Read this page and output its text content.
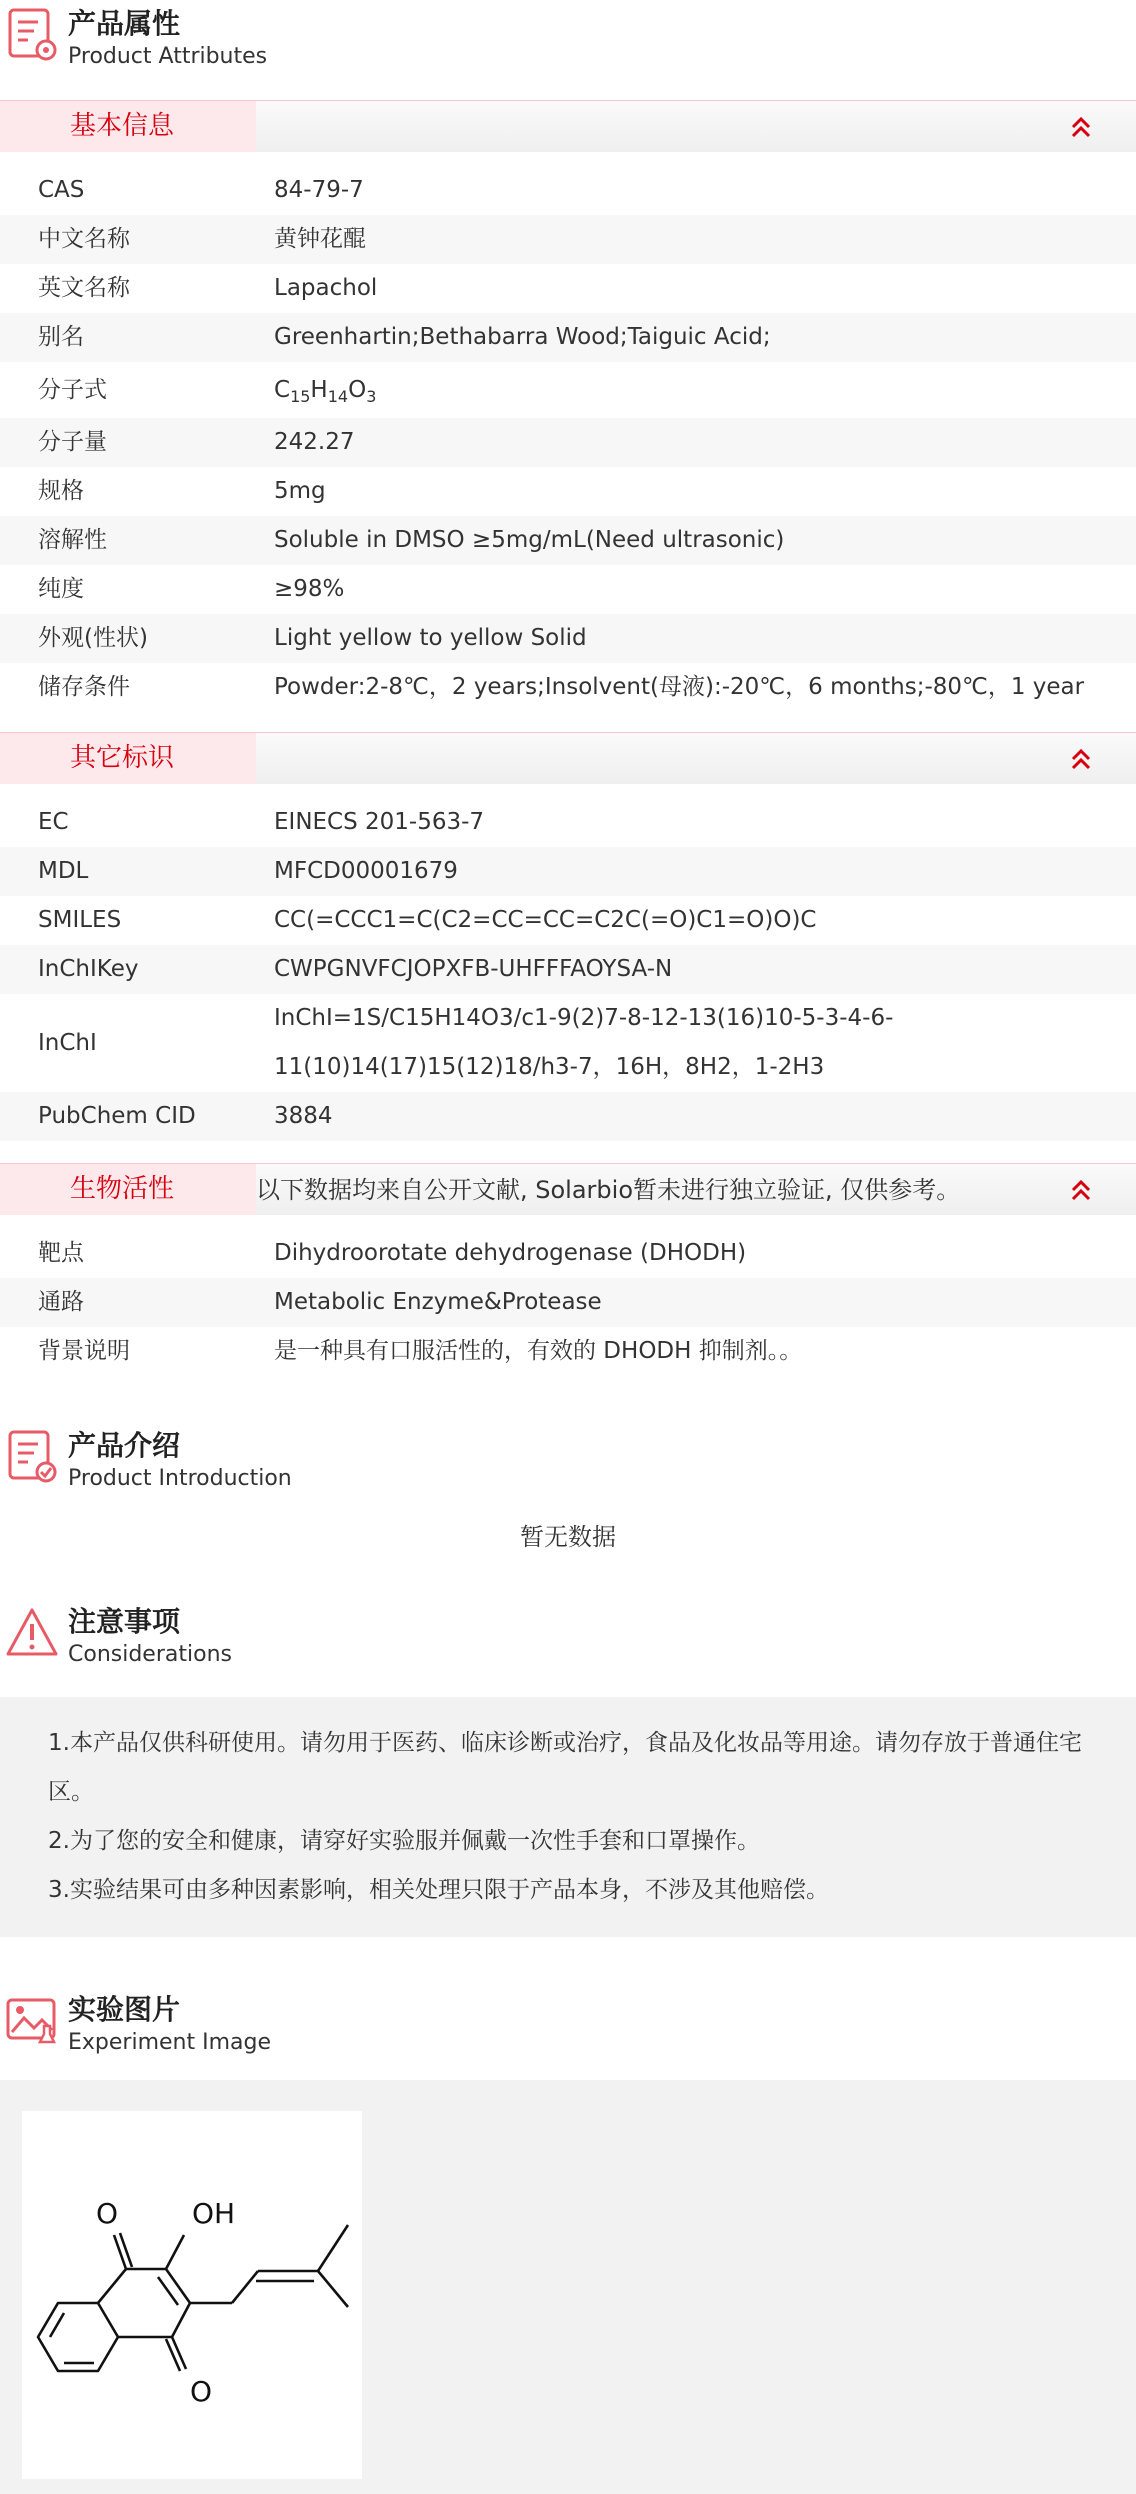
产品属性
Product Attributes
基本信息
CAS	84-79-7
中文名称	黄钟花醌
英文名称	Lapachol
别名	Greenhartin;Bethabarra Wood;Taiguic Acid;
分子式	$C_{15}H_{14}O_3$
分子量	242.27
规格	5mg
溶解性	Soluble in DMSO ≥5mg/mL(Need ultrasonic)
纯度	≥98%
外观(性状)	Light yellow to yellow Solid
储存条件	Powder:2-8℃，2 years;Insolvent(母液):-20℃，6 months;-80℃，1 year
其它标识
EC	EINECS 201-563-7
MDL	MFCD00001679
SMILES	CC(=CCC1=C(C2=CC=CC=C2C(=O)C1=O)O)C
InChIKey	CWPGNVFCJOPXFB-UHFFFAOYSA-N
InChI
InChI=1S/C15H14O3/c1-9(2)7-8-12-13(16)10-5-3-4-6-11(10)14(17)15(12)18/h3-7，16H，8H2，1-2H3
PubChem CID	3884
生物活性	以下数据均来自公开文献, Solarbio暂未进行独立验证, 仅供参考。
靶点	Dihydroorotate dehydrogenase (DHODH)
通路	Metabolic Enzyme&Protease
背景说明	是一种具有口服活性的，有效的 DHODH 抑制剂。。
产品介绍
Product Introduction
暂无数据
注意事项
Considerations

1.本产品仅供科研使用。请勿用于医药、临床诊断或治疗，食品及化妆品等用途。请勿存放于普通住宅区。

2.为了您的安全和健康，请穿好实验服并佩戴一次性手套和口罩操作。

3.实验结果可由多种因素影响，相关处理只限于产品本身，不涉及其他赔偿。

实验图片
Experiment Image
O	OH
O
